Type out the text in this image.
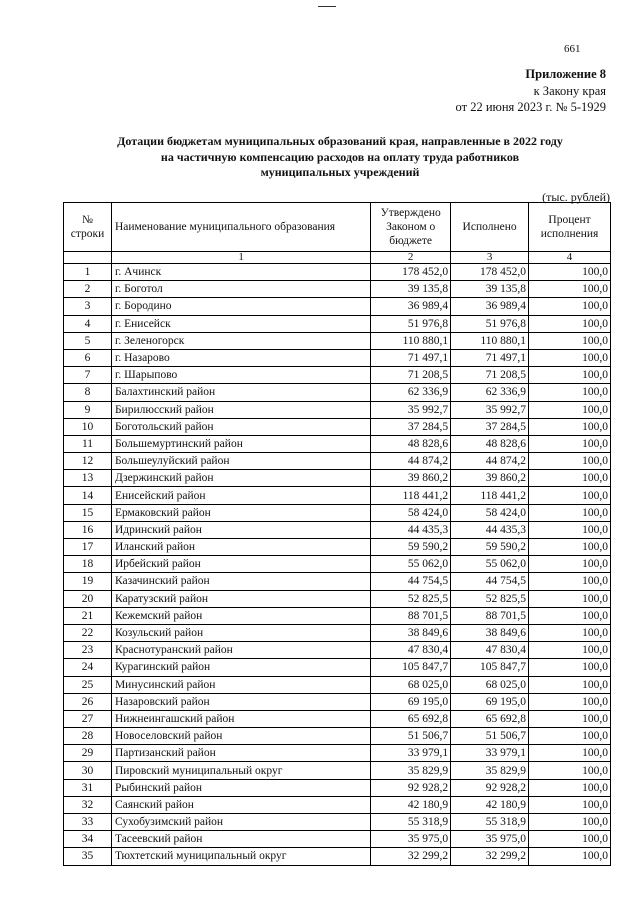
661
Приложение 8
к Закону края
от 22 июня 2023 г. № 5-1929
Дотации бюджетам муниципальных образований края, направленные в 2022 году
на частичную компенсацию расходов на оплату труда работников
муниципальных учреждений
(тыс. рублей)
№ строки	Наименование муниципального образования	Утверждено Законом о бюджете	Исполнено	Процент исполнения
	1	2	3	4
1	г. Ачинск	178 452,0	178 452,0	100,0
2	г. Боготол	39 135,8	39 135,8	100,0
3	г. Бородино	36 989,4	36 989,4	100,0
4	г. Енисейск	51 976,8	51 976,8	100,0
5	г. Зеленогорск	110 880,1	110 880,1	100,0
6	г. Назарово	71 497,1	71 497,1	100,0
7	г. Шарыпово	71 208,5	71 208,5	100,0
8	Балахтинский район	62 336,9	62 336,9	100,0
9	Бирилюсский район	35 992,7	35 992,7	100,0
10	Боготольский район	37 284,5	37 284,5	100,0
11	Большемуртинский район	48 828,6	48 828,6	100,0
12	Большеулуйский район	44 874,2	44 874,2	100,0
13	Дзержинский район	39 860,2	39 860,2	100,0
14	Енисейский район	118 441,2	118 441,2	100,0
15	Ермаковский район	58 424,0	58 424,0	100,0
16	Идринский район	44 435,3	44 435,3	100,0
17	Иланский район	59 590,2	59 590,2	100,0
18	Ирбейский район	55 062,0	55 062,0	100,0
19	Казачинский район	44 754,5	44 754,5	100,0
20	Каратузский район	52 825,5	52 825,5	100,0
21	Кежемский район	88 701,5	88 701,5	100,0
22	Козульский район	38 849,6	38 849,6	100,0
23	Краснотуранский район	47 830,4	47 830,4	100,0
24	Курагинский район	105 847,7	105 847,7	100,0
25	Минусинский район	68 025,0	68 025,0	100,0
26	Назаровский район	69 195,0	69 195,0	100,0
27	Нижнеингашский район	65 692,8	65 692,8	100,0
28	Новоселовский район	51 506,7	51 506,7	100,0
29	Партизанский район	33 979,1	33 979,1	100,0
30	Пировский муниципальный округ	35 829,9	35 829,9	100,0
31	Рыбинский район	92 928,2	92 928,2	100,0
32	Саянский район	42 180,9	42 180,9	100,0
33	Сухобузимский район	55 318,9	55 318,9	100,0
34	Тасеевский район	35 975,0	35 975,0	100,0
35	Тюхтетский муниципальный округ	32 299,2	32 299,2	100,0
